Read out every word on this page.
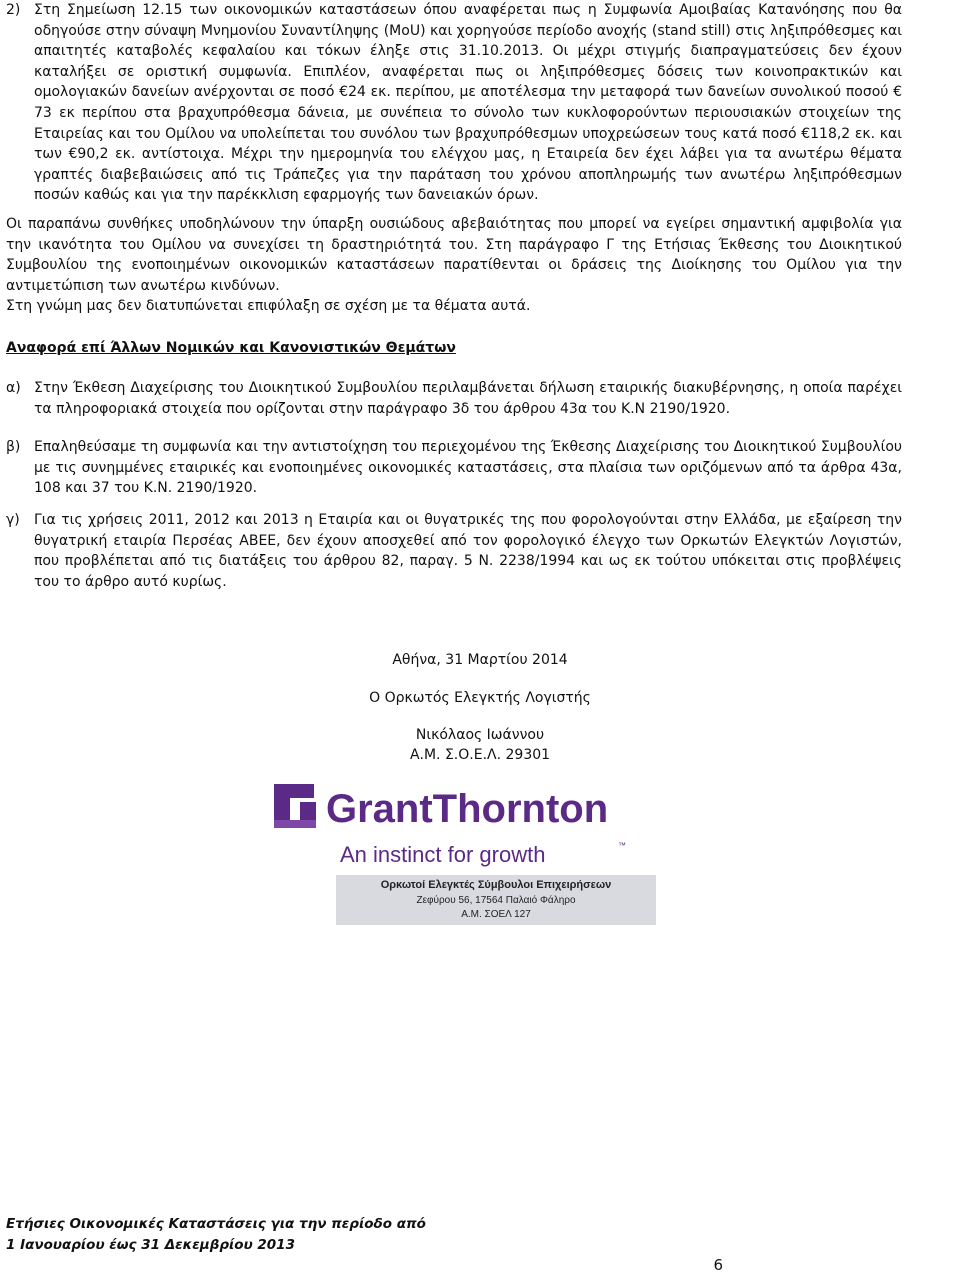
2) Στη Σημείωση 12.15 των οικονομικών καταστάσεων όπου αναφέρεται πως η Συμφωνία Αμοιβαίας Κατανόησης που θα οδηγούσε στην σύναψη Μνημονίου Συναντίληψης (MoU) και χορηγούσε περίοδο ανοχής (stand still) στις ληξιπρόθεσμες και απαιτητές καταβολές κεφαλαίου και τόκων έληξε στις 31.10.2013. Οι μέχρι στιγμής διαπραγματεύσεις δεν έχουν καταλήξει σε οριστική συμφωνία. Επιπλέον, αναφέρεται πως οι ληξιπρόθεσμες δόσεις των κοινοπρακτικών και ομολογιακών δανείων ανέρχονται σε ποσό €24 εκ. περίπου, με αποτέλεσμα την μεταφορά των δανείων συνολικού ποσού € 73 εκ περίπου στα βραχυπρόθεσμα δάνεια, με συνέπεια το σύνολο των κυκλοφορούντων περιουσιακών στοιχείων της Εταιρείας και του Ομίλου να υπολείπεται του συνόλου των βραχυπρόθεσμων υποχρεώσεων τους κατά ποσό €118,2 εκ. και των €90,2 εκ. αντίστοιχα. Μέχρι την ημερομηνία του ελέγχου μας, η Εταιρεία δεν έχει λάβει για τα ανωτέρω θέματα γραπτές διαβεβαιώσεις από τις Τράπεζες για την παράταση του χρόνου αποπληρωμής των ανωτέρω ληξιπρόθεσμων ποσών καθώς και για την παρέκκλιση εφαρμογής των δανειακών όρων.

Οι παραπάνω συνθήκες υποδηλώνουν την ύπαρξη ουσιώδους αβεβαιότητας που μπορεί να εγείρει σημαντική αμφιβολία για την ικανότητα του Ομίλου να συνεχίσει τη δραστηριότητά του. Στη παράγραφο Γ της Ετήσιας Έκθεσης του Διοικητικού Συμβουλίου της ενοποιημένων οικονομικών καταστάσεων παρατίθενται οι δράσεις της Διοίκησης του Ομίλου για την αντιμετώπιση των ανωτέρω κινδύνων.

Στη γνώμη μας δεν διατυπώνεται επιφύλαξη σε σχέση με τα θέματα αυτά.

Αναφορά επί Άλλων Νομικών και Κανονιστικών Θεμάτων
α) Στην Έκθεση Διαχείρισης του Διοικητικού Συμβουλίου περιλαμβάνεται δήλωση εταιρικής διακυβέρνησης, η οποία παρέχει τα πληροφοριακά στοιχεία που ορίζονται στην παράγραφο 3δ του άρθρου 43α του Κ.Ν 2190/1920.

β) Επαληθεύσαμε τη συμφωνία και την αντιστοίχηση του περιεχομένου της Έκθεσης Διαχείρισης του Διοικητικού Συμβουλίου με τις συνημμένες εταιρικές και ενοποιημένες οικονομικές καταστάσεις, στα πλαίσια των οριζόμενων από τα άρθρα 43α, 108 και 37 του Κ.Ν. 2190/1920.

γ) Για τις χρήσεις 2011, 2012 και 2013 η Εταιρία και οι θυγατρικές της που φορολογούνται στην Ελλάδα, με εξαίρεση την θυγατρική εταιρία Περσέας ΑΒΕΕ, δεν έχουν αποσχεθεί από τον φορολογικό έλεγχο των Ορκωτών Ελεγκτών Λογιστών, που προβλέπεται από τις διατάξεις του άρθρου 82, παραγ. 5 Ν. 2238/1994 και ως εκ τούτου υπόκειται στις προβλέψεις του το άρθρο αυτό κυρίως.

Αθήνα, 31 Μαρτίου 2014
Ο Ορκωτός Ελεγκτής Λογιστής
Νικόλαος Ιωάννου
Α.Μ. Σ.Ο.Ε.Λ. 29301
GrantThornton
An instinct for growth	™
Ορκωτοί Ελεγκτές Σύμβουλοι Επιχειρήσεων
Ζεφύρου 56, 17564 Παλαιό Φάληρο
Α.Μ. ΣΟΕΛ 127
Ετήσιες Οικονομικές Καταστάσεις για την περίοδο από
1 Ιανουαρίου έως 31 Δεκεμβρίου 2013
6
